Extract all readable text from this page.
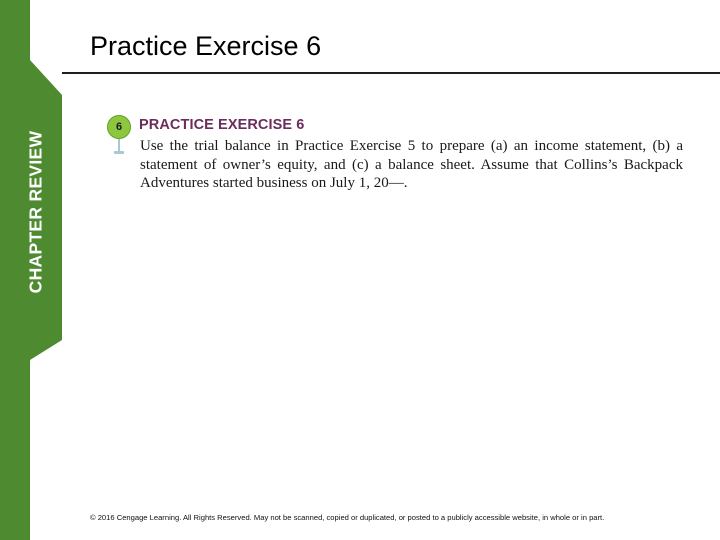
CHAPTER REVIEW
Practice Exercise 6
6	PRACTICE EXERCISE 6
Use the trial balance in Practice Exercise 5 to prepare (a) an income statement, (b) a statement of owner’s equity, and (c) a balance sheet. Assume that Collins’s Backpack Adventures started business on July 1, 20––.
© 2016 Cengage Learning. All Rights Reserved. May not be scanned, copied or duplicated, or posted to a publicly accessible website, in whole or in part.
